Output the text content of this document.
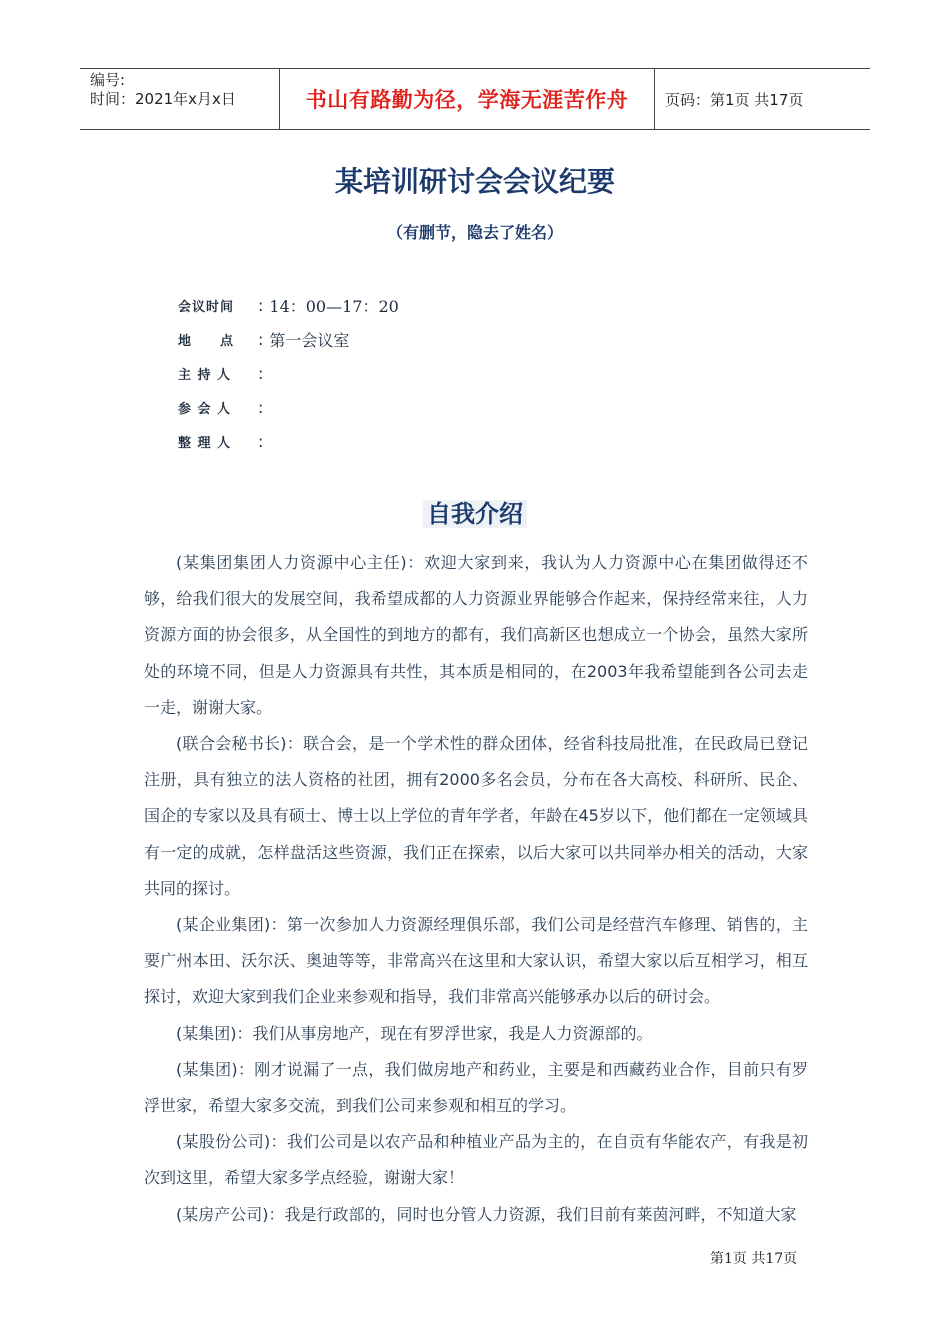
编号:
时间：2021年x月x日	书山有路勤为径，学海无涯苦作舟	页码：第1页 共17页
某培训研讨会会议纪要
（有删节，隐去了姓名）
会议时间	: 14：00—17：20
地　　点	: 第一会议室
主 持 人	:
参 会 人	:
整 理 人	:
自我介绍

(某集团集团人力资源中心主任)：欢迎大家到来，我认为人力资源中心在集团做得还不够，给我们很大的发展空间，我希望成都的人力资源业界能够合作起来，保持经常来往，人力资源方面的协会很多，从全国性的到地方的都有，我们高新区也想成立一个协会，虽然大家所处的环境不同，但是人力资源具有共性，其本质是相同的，在2003年我希望能到各公司去走一走，谢谢大家。

(联合会秘书长)：联合会，是一个学术性的群众团体，经省科技局批准，在民政局已登记注册，具有独立的法人资格的社团，拥有2000多名会员，分布在各大高校、科研所、民企、国企的专家以及具有硕士、博士以上学位的青年学者，年龄在45岁以下，他们都在一定领域具有一定的成就，怎样盘活这些资源，我们正在探索，以后大家可以共同举办相关的活动，大家共同的探讨。

(某企业集团)：第一次参加人力资源经理俱乐部，我们公司是经营汽车修理、销售的，主要广州本田、沃尔沃、奥迪等等，非常高兴在这里和大家认识，希望大家以后互相学习，相互探讨，欢迎大家到我们企业来参观和指导，我们非常高兴能够承办以后的研讨会。

(某集团)：我们从事房地产，现在有罗浮世家，我是人力资源部的。

(某集团)：刚才说漏了一点，我们做房地产和药业，主要是和西藏药业合作，目前只有罗浮世家，希望大家多交流，到我们公司来参观和相互的学习。

(某股份公司)：我们公司是以农产品和种植业产品为主的，在自贡有华能农产，有我是初次到这里，希望大家多学点经验，谢谢大家！

(某房产公司)：我是行政部的，同时也分管人力资源，我们目前有莱茵河畔，不知道大家

第1页 共17页
